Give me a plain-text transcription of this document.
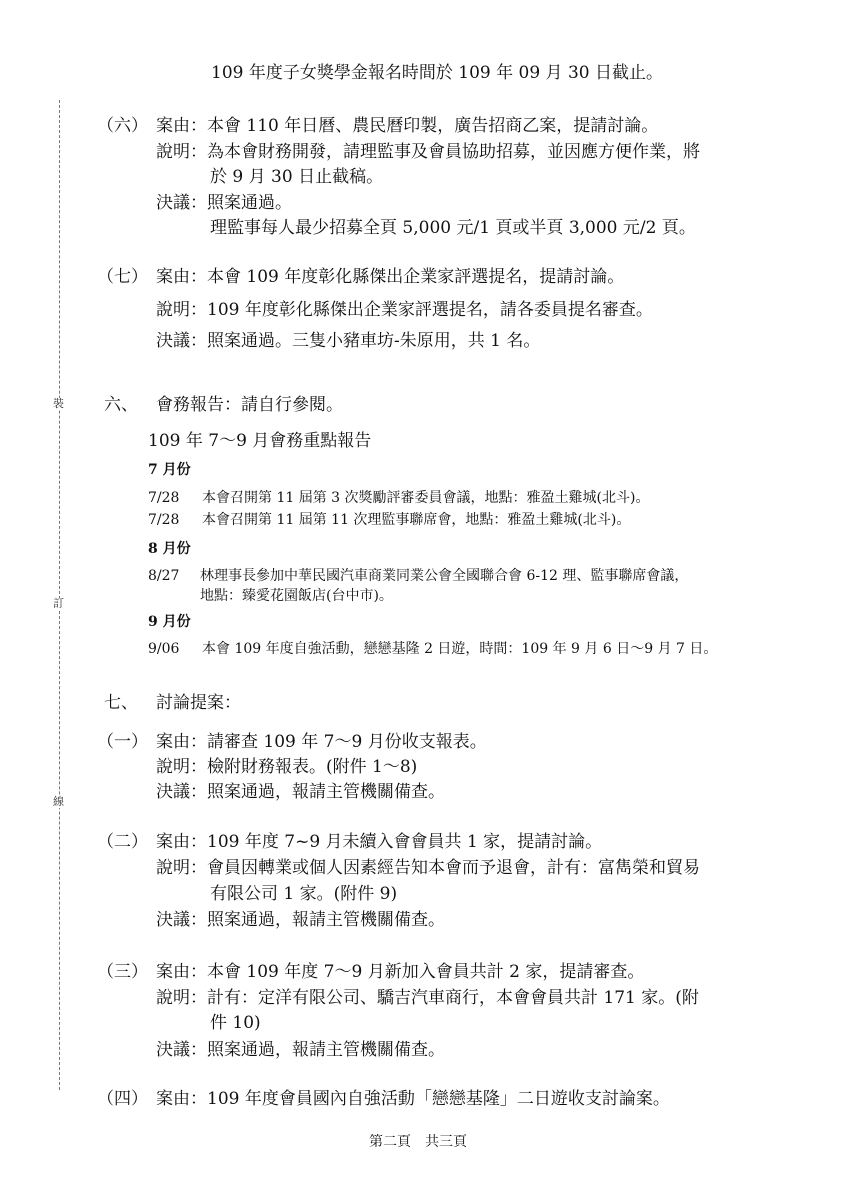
裝
訂
線
109 年度子女獎學金報名時間於 109 年 09 月 30 日截止。
（六） 案由：本會 110 年日曆、農民曆印製，廣告招商乙案，提請討論。
說明：為本會財務開發，請理監事及會員協助招募，並因應方便作業，將
於 9 月 30 日止截稿。
決議：照案通過。
理監事每人最少招募全頁 5,000 元/1 頁或半頁 3,000 元/2 頁。
（七） 案由：本會 109 年度彰化縣傑出企業家評選提名，提請討論。
說明：109 年度彰化縣傑出企業家評選提名，請各委員提名審查。
決議：照案通過。三隻小豬車坊-朱原用，共 1 名。
六、 會務報告：請自行參閱。
109 年 7～9 月會務重點報告
7 月份
7/28 本會召開第 11 屆第 3 次獎勵評審委員會議，地點：雅盈土雞城(北斗)。
7/28 本會召開第 11 屆第 11 次理監事聯席會，地點：雅盈土雞城(北斗)。
8 月份
8/27 林理事長參加中華民國汽車商業同業公會全國聯合會 6-12 理、監事聯席會議，
地點：臻愛花園飯店(台中市)。
9 月份
9/06 本會 109 年度自強活動，戀戀基隆 2 日遊，時間：109 年 9 月 6 日～9 月 7 日。
七、 討論提案：
（一） 案由：請審查 109 年 7～9 月份收支報表。
說明：檢附財務報表。(附件 1～8)
決議：照案通過，報請主管機關備查。
（二） 案由：109 年度 7~9 月未續入會會員共 1 家，提請討論。
說明：會員因轉業或個人因素經告知本會而予退會，計有：富雋榮和貿易
有限公司 1 家。(附件 9)
決議：照案通過，報請主管機關備查。
（三） 案由：本會 109 年度 7～9 月新加入會員共計 2 家，提請審查。
說明：計有：定洋有限公司、驕吉汽車商行，本會會員共計 171 家。(附
件 10)
決議：照案通過，報請主管機關備查。
（四） 案由：109 年度會員國內自強活動「戀戀基隆」二日遊收支討論案。
第二頁　共三頁
